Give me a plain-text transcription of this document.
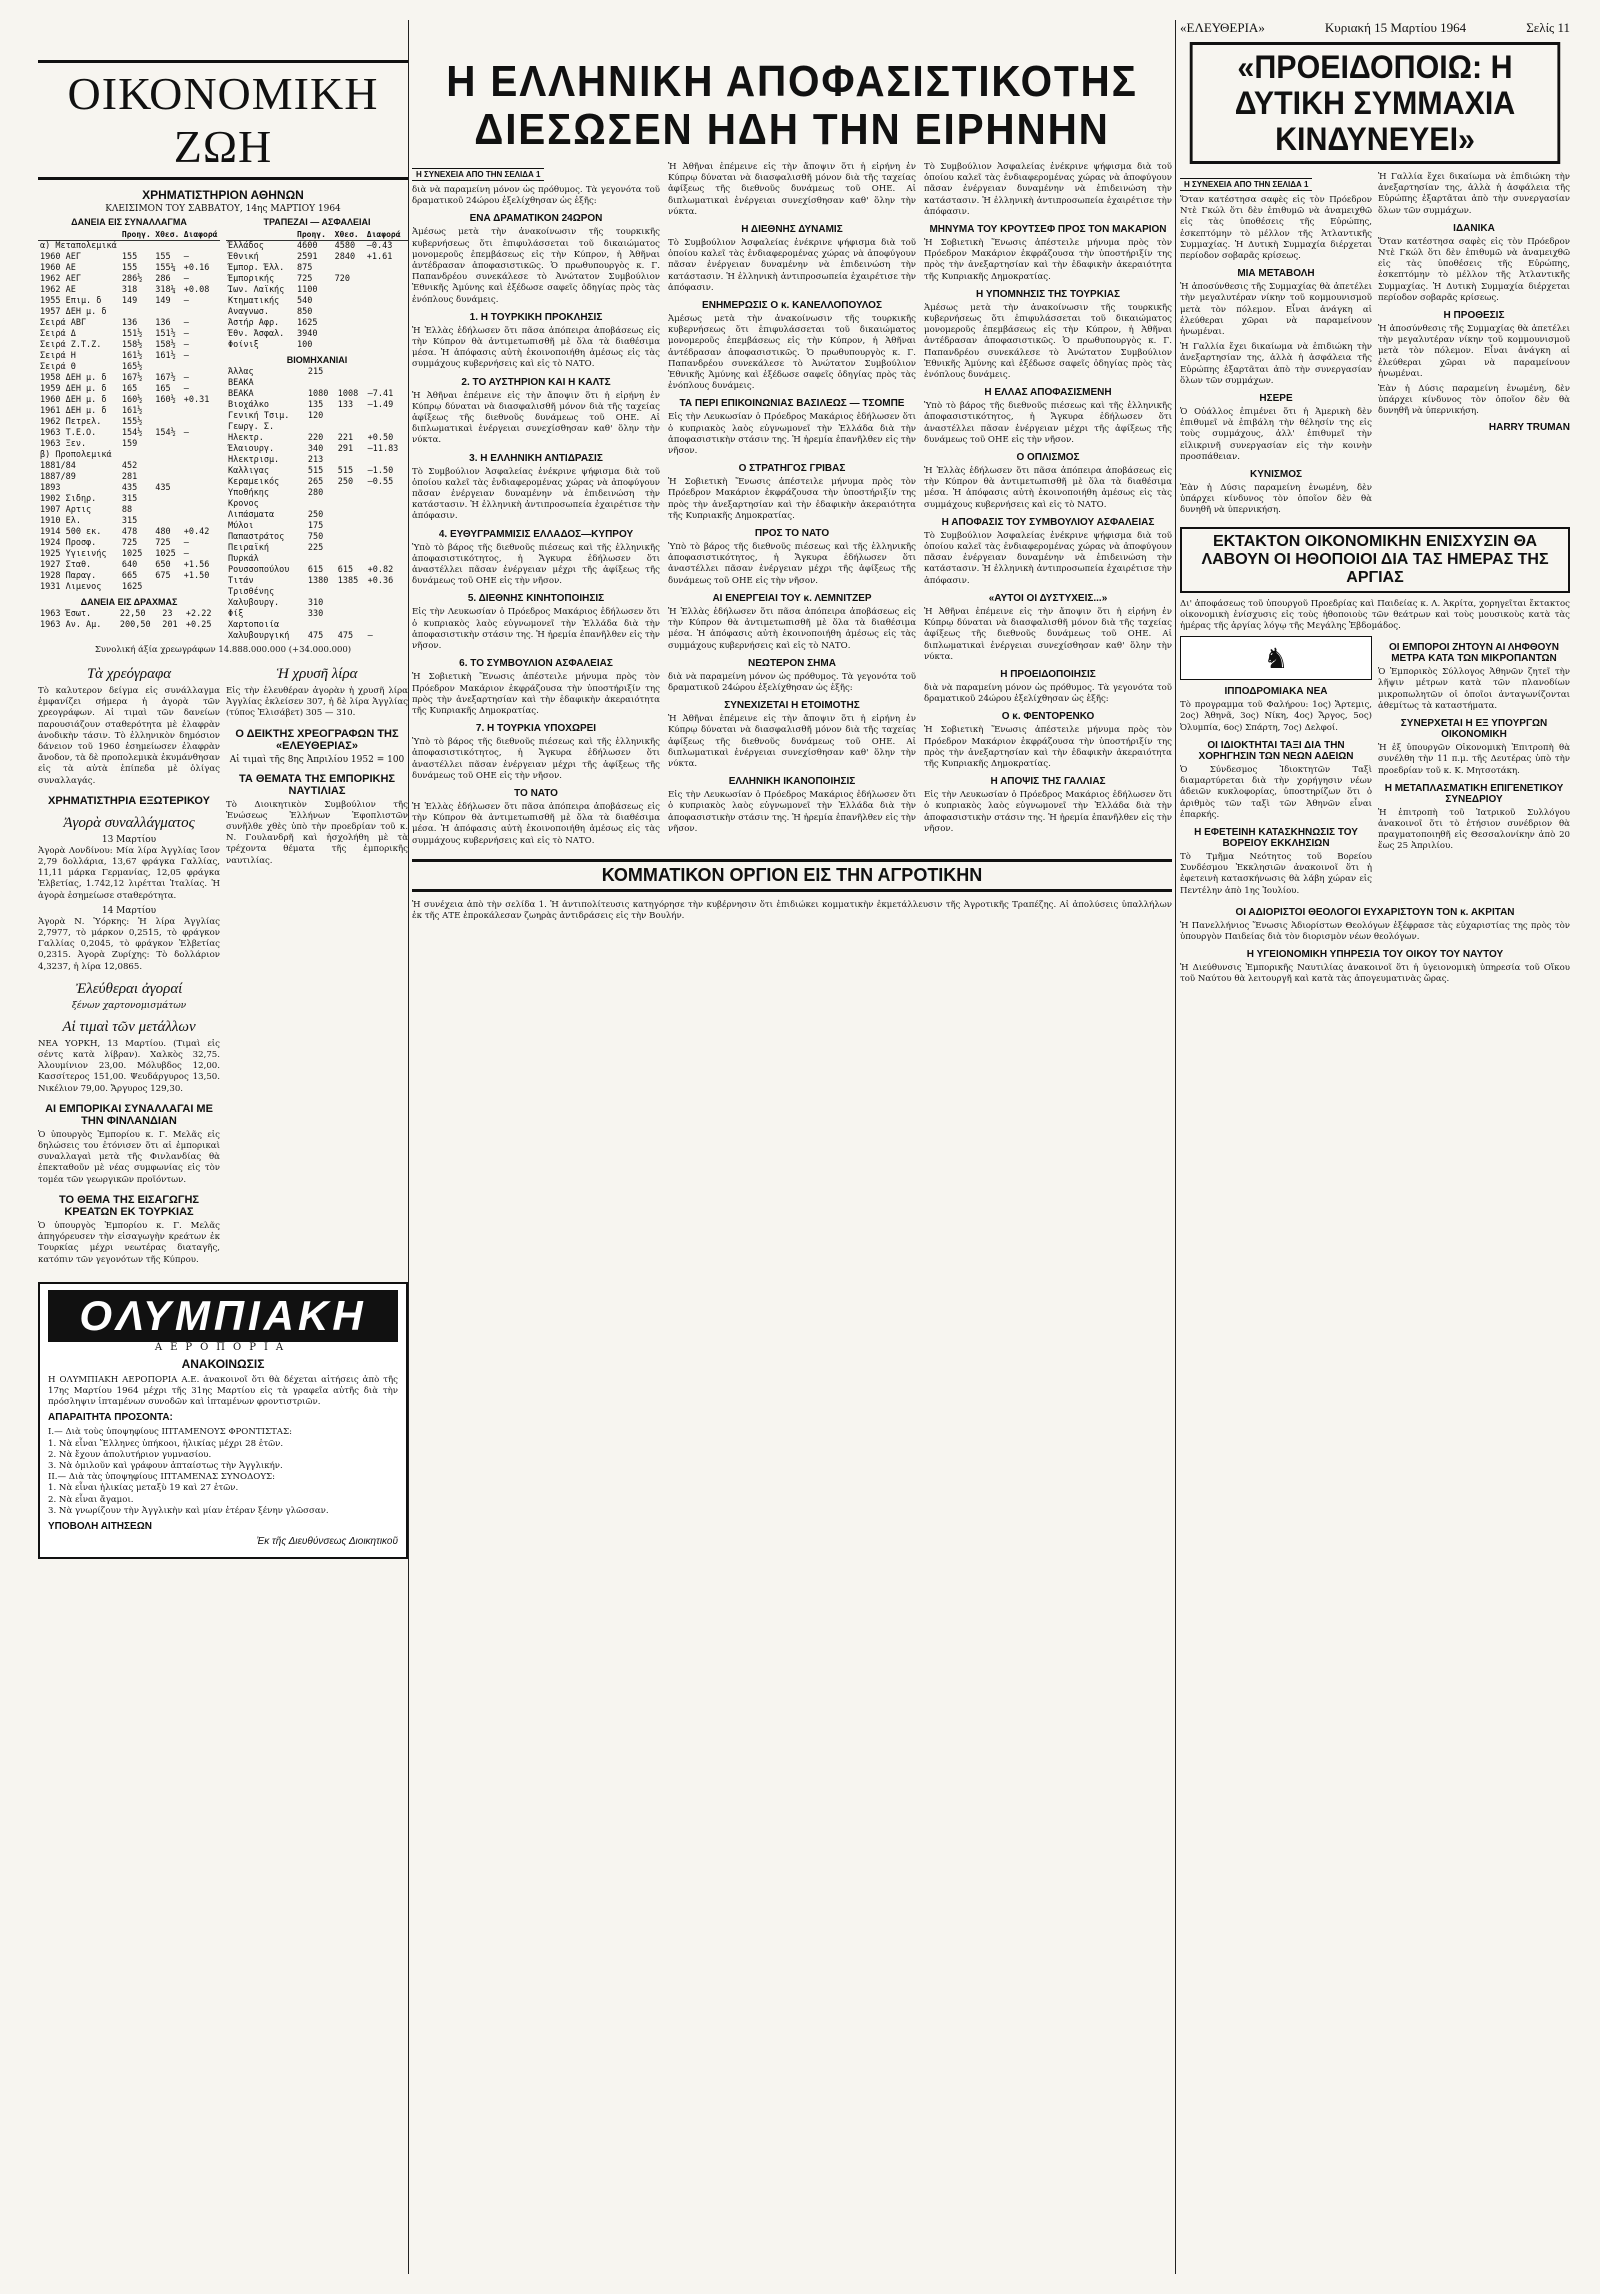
ΟΙΚΟΝΟΜΙΚΗ ΖΩΗ
ΧΡΗΜΑΤΙΣΤΗΡΙΟΝ ΑΘΗΝΩΝ
ΚΛΕΙΣΙΜΟΝ ΤΟΥ ΣΑΒΒΑΤΟΥ, 14ης ΜΑΡΤΙΟΥ 1964
ΔΑΝΕΙΑ ΕΙΣ ΣΥΝΑΛΛΑΓΜΑ
	Προηγ.	Χθεσ.	Διαφορά
α) Μεταπολεμικά			
1960 ΑΕΓ	155	155	—
1960 ΑΕ	155	155¼	+0.16
1962 ΑΕΓ	286½	286	—
1962 ΑΕ	318	318¼	+0.08
1955 Επιμ. δ	149	149	—
1957 ΔΕΗ μ. δ			
Σειρά ΑΒΓ	136	136	—
Σειρά Δ	151½	151½	—
Σειρά Ζ.Τ.Ζ.	158½	158½	—
Σειρά Η	161½	161½	—
Σειρά Θ	165½		
1958 ΔΕΗ μ. δ	167½	167½	—
1959 ΔΕΗ μ. δ	165	165	—
1960 ΔΕΗ μ. δ	160½	160½	+0.31
1961 ΔΕΗ μ. δ	161½		
1962 Πετρελ.	155½		
1963 Τ.Ε.Ο.	154½	154½	—
1963 Ξεν.	159		
β) Προπολεμικά			
1881/84	452		
1887/89	281		
1893	435	435	
1902 Σιδηρ.	315		
1907 Αρτις	88		
1910 Ελ.	315		
1914 500 εκ.	478	480	+0.42
1924 Προσφ.	725	725	—
1925 Υγιεινής	1025	1025	—
1927 Σταθ.	640	650	+1.56
1928 Παραγ.	665	675	+1.50
1931 Λιμενος	1625		
ΔΑΝΕΙΑ ΕΙΣ ΔΡΑΧΜΑΣ
1963 Έσωτ.	22,50	23	+2.22
1963 Αν. Αμ.	200,50	201	+0.25
ΤΡΑΠΕΖΑΙ — ΑΣΦΑΛΕΙΑΙ
	Προηγ.	Χθεσ.	Διαφορά
Έλλάδος	4600	4580	—0.43
Έθνική	2591	2840	+1.61
Έμπορ. Έλλ.	875		
Έμπορικής	725	720	
Ίων. Λαϊκής	1100		
Κτηματικής	540		
Αναγνωσ.	850		
Άστήρ Αφρ.	1625		
Έθν. Άσφαλ.	3940		
Φοίνιξ	100		
ΒΙΟΜΗΧΑΝΙΑΙ
Άλλας	215		
ΒΕΑΚΑ			
ΒΕΑΚΑ	1080	1008	—7.41
Βιοχάλκο	135	133	—1.49
Γενική Τσιμ.	120		
Γεωργ. Σ.			
Ηλεκτρ.	220	221	+0.50
Έλαιουργ.	340	291	—11.83
Ηλεκτρισμ.	213		
Καλλιγας	515	515	—1.50
Κεραμεικός	265	250	—0.55
Υποθήκης	280		
Κρονος			
Λιπάσματα	250		
Μύλοι	175		
Παπαστράτος	750		
Πειραϊκή	225		
Πυρκάλ			
Ρουσσοπούλου	615	615	+0.82
Τιτάν	1380	1385	+0.36
Τρισθένης			
Χαλυβουργ.	310		
Φίξ	330		
Χαρτοποιία			
Χαλυβουργική	475	475	—
Συνολική άξία χρεωγράφων 14.888.000.000 (+34.000.000)
Τὰ χρεόγραφα

Τὸ καλυτερον δείγμα εἰς συνάλλαγμα ἐμφανίζει σήμερα ἡ ἀγορὰ τῶν χρεογράφων. Αἱ τιμαὶ τῶν δανείων παρουσιάζουν σταθερότητα μὲ ἐλαφρὰν ἀνοδικὴν τάσιν. Τὸ ἐλληνικὸν δημόσιον δάνειον τοῦ 1960 ἐσημείωσεν ἐλαφρὰν ἄνοδον, τὰ δὲ προπολεμικὰ ἐκυμάνθησαν εἰς τὰ αὐτὰ ἐπίπεδα μὲ ὀλίγας συναλλαγάς.

ΧΡΗΜΑΤΙΣΤΗΡΙΑ ΕΞΩΤΕΡΙΚΟΥ
Ἀγορὰ συναλλάγματος
13 Μαρτίου

Ἀγορὰ Λονδίνου: Μία λίρα Ἀγγλίας ἴσον 2,79 δολλάρια, 13,67 φράγκα Γαλλίας, 11,11 μάρκα Γερμανίας, 12,05 φράγκα Ἑλβετίας, 1.742,12 λιρέτται Ἰταλίας. Ἡ ἀγορὰ ἐσημείωσε σταθερότητα.

14 Μαρτίου

Ἀγορὰ Ν. Ὑόρκης: Ἡ λίρα Ἀγγλίας 2,7977, τὸ μάρκον 0,2515, τὸ φράγκον Γαλλίας 0,2045, τὸ φράγκον Ἑλβετίας 0,2315. Ἀγορὰ Ζυρίχης: Τὸ δολλάριον 4,3237, ἡ λίρα 12,0865.

Ἐλεύθεραι ἀγοραί
ξένων χαρτονομισμάτων
Αἱ τιμαὶ τῶν μετάλλων

ΝΕΑ ΥΟΡΚΗ, 13 Μαρτίου. (Τιμαὶ εἰς σέντς κατὰ λίβραν). Χαλκὸς 32,75. Ἀλουμίνιον 23,00. Μόλυβδος 12,00. Κασσίτερος 151,00. Ψευδάργυρος 13,50. Νικέλιον 79,00. Ἄργυρος 129,30.

ΑΙ ΕΜΠΟΡΙΚΑΙ ΣΥΝΑΛΛΑΓΑΙ ΜΕ ΤΗΝ ΦΙΝΛΑΝΔΙΑΝ

Ὁ ὑπουργὸς Ἐμπορίου κ. Γ. Μελᾶς εἰς δηλώσεις του ἐτόνισεν ὅτι αἱ ἐμπορικαὶ συναλλαγαὶ μετὰ τῆς Φινλανδίας θὰ ἐπεκταθοῦν μὲ νέας συμφωνίας εἰς τὸν τομέα τῶν γεωργικῶν προϊόντων.

ΤΟ ΘΕΜΑ ΤΗΣ ΕΙΣΑΓΩΓΗΣ ΚΡΕΑΤΩΝ ΕΚ ΤΟΥΡΚΙΑΣ

Ὁ ὑπουργὸς Ἐμπορίου κ. Γ. Μελᾶς ἀπηγόρευσεν τὴν εἰσαγωγὴν κρεάτων ἐκ Τουρκίας μέχρι νεωτέρας διαταγῆς, κατόπιν τῶν γεγονότων τῆς Κύπρου.

Ἡ χρυσῆ λίρα

Εἰς τὴν ἐλευθέραν ἀγορὰν ἡ χρυσῆ λίρα Ἀγγλίας ἐκλείσεν 307, ἡ δὲ λίρα Ἀγγλίας (τύπος Ἐλισάβετ) 305 — 310.

Ο ΔΕΙΚΤΗΣ ΧΡΕΟΓΡΑΦΩΝ ΤΗΣ «ΕΛΕΥΘΕΡΙΑΣ»
Αἱ τιμαὶ τῆς 8ης Ἀπριλίου 1952 = 100
ΤΑ ΘΕΜΑΤΑ ΤΗΣ ΕΜΠΟΡΙΚΗΣ ΝΑΥΤΙΛΙΑΣ

Τὸ Διοικητικὸν Συμβούλιον τῆς Ἑνώσεως Ἑλλήνων Ἐφοπλιστῶν συνῆλθε χθὲς ὑπὸ τὴν προεδρίαν τοῦ κ. Ν. Γουλανδρῆ καὶ ἠσχολήθη μὲ τὰ τρέχοντα θέματα τῆς ἐμπορικῆς ναυτιλίας.

ΟΛΥΜΠΙΑΚΗ
ΑΕΡΟΠΟΡΙΑ
ΑΝΑΚΟΙΝΩΣΙΣ

Η ΟΛΥΜΠΙΑΚΗ ΑΕΡΟΠΟΡΙΑ Α.Ε. ἀνακοινοῖ ὅτι θὰ δέχεται αἰτήσεις ἀπὸ τῆς 17ης Μαρτίου 1964 μέχρι τῆς 31ης Μαρτίου εἰς τὰ γραφεῖα αὐτῆς διὰ τὴν πρόσληψιν ἱπταμένων συνοδῶν καὶ ἱπταμένων φροντιστριῶν.

ΑΠΑΡΑΙΤΗΤΑ ΠΡΟΣΟΝΤΑ:
Ι.— Διὰ τοὺς ὑποψηφίους ΙΠΤΑΜΕΝΟΥΣ ΦΡΟΝΤΙΣΤΑΣ:
1. Νὰ εἶναι Ἕλληνες ὑπήκοοι, ἡλικίας μέχρι 28 ἐτῶν.
2. Νὰ ἔχουν ἀπολυτήριον γυμνασίου.
3. Νὰ ὁμιλοῦν καὶ γράφουν ἀπταίστως τὴν Ἀγγλικήν.
ΙΙ.— Διὰ τὰς ὑποψηφίους ΙΠΤΑΜΕΝΑΣ ΣΥΝΟΔΟΥΣ:
1. Νὰ εἶναι ἡλικίας μεταξὺ 19 καὶ 27 ἐτῶν.
2. Νὰ εἶναι ἄγαμοι.
3. Νὰ γνωρίζουν τὴν Ἀγγλικὴν καὶ μίαν ἑτέραν ξένην γλῶσσαν.
ΥΠΟΒΟΛΗ ΑΙΤΗΣΕΩΝ
Ἐκ τῆς Διευθύνσεως Διοικητικοῦ
Η ΕΛΛΗΝΙΚΗ ΑΠΟΦΑΣΙΣΤΙΚΟΤΗΣ ΔΙΕΣΩΣΕΝ ΗΔΗ ΤΗΝ ΕΙΡΗΝΗΝ
Η ΣΥΝΕΧΕΙΑ ΑΠΟ ΤΗΝ ΣΕΛΙΔΑ 1

διὰ νὰ παραμείνη μόνον ὡς πρόθυμος. Τὰ γεγονότα τοῦ δραματικοῦ 24ώρου ἐξελίχθησαν ὡς ἑξῆς:

ΕΝΑ ΔΡΑΜΑΤΙΚΟΝ 24ΩΡΟΝ

Ἀμέσως μετὰ τὴν ἀνακοίνωσιν τῆς τουρκικῆς κυβερνήσεως ὅτι ἐπιφυλάσσεται τοῦ δικαιώματος μονομεροῦς ἐπεμβάσεως εἰς τὴν Κύπρον, ἡ Ἀθῆναι ἀντέδρασαν ἀποφασιστικῶς. Ὁ πρωθυπουργὸς κ. Γ. Παπανδρέου συνεκάλεσε τὸ Ἀνώτατον Συμβούλιον Ἐθνικῆς Ἀμύνης καὶ ἐξέδωσε σαφεῖς ὁδηγίας πρὸς τὰς ἐνόπλους δυνάμεις.

1. Η ΤΟΥΡΚΙΚΗ ΠΡΟΚΛΗΣΙΣ

Ἡ Ἑλλὰς ἐδήλωσεν ὅτι πᾶσα ἀπόπειρα ἀποβάσεως εἰς τὴν Κύπρον θὰ ἀντιμετωπισθῆ μὲ ὅλα τὰ διαθέσιμα μέσα. Ἡ ἀπόφασις αὐτὴ ἐκοινοποιήθη ἀμέσως εἰς τὰς συμμάχους κυβερνήσεις καὶ εἰς τὸ ΝΑΤΟ.

2. ΤΟ ΑΥΣΤΗΡΙΟΝ ΚΑΙ Η ΚΑΛΤΣ

Ἡ Ἀθῆναι ἐπέμεινε εἰς τὴν ἄποψιν ὅτι ἡ εἰρήνη ἐν Κύπρῳ δύναται νὰ διασφαλισθῆ μόνον διὰ τῆς ταχείας ἀφίξεως τῆς διεθνοῦς δυνάμεως τοῦ ΟΗΕ. Αἱ διπλωματικαὶ ἐνέργειαι συνεχίσθησαν καθ' ὅλην τὴν νύκτα.

3. Η ΕΛΛΗΝΙΚΗ ΑΝΤΙΔΡΑΣΙΣ

Τὸ Συμβούλιον Ἀσφαλείας ἐνέκρινε ψήφισμα διὰ τοῦ ὁποίου καλεῖ τὰς ἐνδιαφερομένας χώρας νὰ ἀποφύγουν πᾶσαν ἐνέργειαν δυναμένην νὰ ἐπιδεινώση τὴν κατάστασιν. Ἡ ἐλληνικὴ ἀντιπροσωπεία ἐχαιρέτισε τὴν ἀπόφασιν.

4. ΕΥΘΥΓΡΑΜΜΙΣΙΣ ΕΛΛΑΔΟΣ—ΚΥΠΡΟΥ

Ὑπὸ τὸ βάρος τῆς διεθνοῦς πιέσεως καὶ τῆς ἑλληνικῆς ἀποφασιστικότητος, ἡ Ἄγκυρα ἐδήλωσεν ὅτι ἀναστέλλει πᾶσαν ἐνέργειαν μέχρι τῆς ἀφίξεως τῆς δυνάμεως τοῦ ΟΗΕ εἰς τὴν νῆσον.

5. ΔΙΕΘΝΗΣ ΚΙΝΗΤΟΠΟΙΗΣΙΣ

Εἰς τὴν Λευκωσίαν ὁ Πρόεδρος Μακάριος ἐδήλωσεν ὅτι ὁ κυπριακὸς λαὸς εὐγνωμονεῖ τὴν Ἑλλάδα διὰ τὴν ἀποφασιστικὴν στάσιν της. Ἡ ἠρεμία ἐπανῆλθεν εἰς τὴν νῆσον.

6. ΤΟ ΣΥΜΒΟΥΛΙΟΝ ΑΣΦΑΛΕΙΑΣ

Ἡ Σοβιετικὴ Ἕνωσις ἀπέστειλε μήνυμα πρὸς τὸν Πρόεδρον Μακάριον ἐκφράζουσα τὴν ὑποστήριξίν της πρὸς τὴν ἀνεξαρτησίαν καὶ τὴν ἐδαφικὴν ἀκεραιότητα τῆς Κυπριακῆς Δημοκρατίας.

7. Η ΤΟΥΡΚΙΑ ΥΠΟΧΩΡΕΙ

Ὑπὸ τὸ βάρος τῆς διεθνοῦς πιέσεως καὶ τῆς ἑλληνικῆς ἀποφασιστικότητος, ἡ Ἄγκυρα ἐδήλωσεν ὅτι ἀναστέλλει πᾶσαν ἐνέργειαν μέχρι τῆς ἀφίξεως τῆς δυνάμεως τοῦ ΟΗΕ εἰς τὴν νῆσον.

ΤΟ ΝΑΤΟ

Ἡ Ἑλλὰς ἐδήλωσεν ὅτι πᾶσα ἀπόπειρα ἀποβάσεως εἰς τὴν Κύπρον θὰ ἀντιμετωπισθῆ μὲ ὅλα τὰ διαθέσιμα μέσα. Ἡ ἀπόφασις αὐτὴ ἐκοινοποιήθη ἀμέσως εἰς τὰς συμμάχους κυβερνήσεις καὶ εἰς τὸ ΝΑΤΟ.

Ἡ Ἀθῆναι ἐπέμεινε εἰς τὴν ἄποψιν ὅτι ἡ εἰρήνη ἐν Κύπρῳ δύναται νὰ διασφαλισθῆ μόνον διὰ τῆς ταχείας ἀφίξεως τῆς διεθνοῦς δυνάμεως τοῦ ΟΗΕ. Αἱ διπλωματικαὶ ἐνέργειαι συνεχίσθησαν καθ' ὅλην τὴν νύκτα.

Η ΔΙΕΘΝΗΣ ΔΥΝΑΜΙΣ

Τὸ Συμβούλιον Ἀσφαλείας ἐνέκρινε ψήφισμα διὰ τοῦ ὁποίου καλεῖ τὰς ἐνδιαφερομένας χώρας νὰ ἀποφύγουν πᾶσαν ἐνέργειαν δυναμένην νὰ ἐπιδεινώση τὴν κατάστασιν. Ἡ ἐλληνικὴ ἀντιπροσωπεία ἐχαιρέτισε τὴν ἀπόφασιν.

ΕΝΗΜΕΡΩΣΙΣ Ο κ. ΚΑΝΕΛΛΟΠΟΥΛΟΣ

Ἀμέσως μετὰ τὴν ἀνακοίνωσιν τῆς τουρκικῆς κυβερνήσεως ὅτι ἐπιφυλάσσεται τοῦ δικαιώματος μονομεροῦς ἐπεμβάσεως εἰς τὴν Κύπρον, ἡ Ἀθῆναι ἀντέδρασαν ἀποφασιστικῶς. Ὁ πρωθυπουργὸς κ. Γ. Παπανδρέου συνεκάλεσε τὸ Ἀνώτατον Συμβούλιον Ἐθνικῆς Ἀμύνης καὶ ἐξέδωσε σαφεῖς ὁδηγίας πρὸς τὰς ἐνόπλους δυνάμεις.

ΤΑ ΠΕΡΙ ΕΠΙΚΟΙΝΩΝΙΑΣ ΒΑΣΙΛΕΩΣ — ΤΣΟΜΠΕ

Εἰς τὴν Λευκωσίαν ὁ Πρόεδρος Μακάριος ἐδήλωσεν ὅτι ὁ κυπριακὸς λαὸς εὐγνωμονεῖ τὴν Ἑλλάδα διὰ τὴν ἀποφασιστικὴν στάσιν της. Ἡ ἠρεμία ἐπανῆλθεν εἰς τὴν νῆσον.

Ο ΣΤΡΑΤΗΓΟΣ ΓΡΙΒΑΣ

Ἡ Σοβιετικὴ Ἕνωσις ἀπέστειλε μήνυμα πρὸς τὸν Πρόεδρον Μακάριον ἐκφράζουσα τὴν ὑποστήριξίν της πρὸς τὴν ἀνεξαρτησίαν καὶ τὴν ἐδαφικὴν ἀκεραιότητα τῆς Κυπριακῆς Δημοκρατίας.

ΠΡΟΣ ΤΟ ΝΑΤΟ

Ὑπὸ τὸ βάρος τῆς διεθνοῦς πιέσεως καὶ τῆς ἑλληνικῆς ἀποφασιστικότητος, ἡ Ἄγκυρα ἐδήλωσεν ὅτι ἀναστέλλει πᾶσαν ἐνέργειαν μέχρι τῆς ἀφίξεως τῆς δυνάμεως τοῦ ΟΗΕ εἰς τὴν νῆσον.

ΑΙ ΕΝΕΡΓΕΙΑΙ ΤΟΥ κ. ΛΕΜΝΙΤΖΕΡ

Ἡ Ἑλλὰς ἐδήλωσεν ὅτι πᾶσα ἀπόπειρα ἀποβάσεως εἰς τὴν Κύπρον θὰ ἀντιμετωπισθῆ μὲ ὅλα τὰ διαθέσιμα μέσα. Ἡ ἀπόφασις αὐτὴ ἐκοινοποιήθη ἀμέσως εἰς τὰς συμμάχους κυβερνήσεις καὶ εἰς τὸ ΝΑΤΟ.

ΝΕΩΤΕΡΟΝ ΣΗΜΑ

διὰ νὰ παραμείνη μόνον ὡς πρόθυμος. Τὰ γεγονότα τοῦ δραματικοῦ 24ώρου ἐξελίχθησαν ὡς ἑξῆς:

ΣΥΝΕΧΙΖΕΤΑΙ Η ΕΤΟΙΜΟΤΗΣ

Ἡ Ἀθῆναι ἐπέμεινε εἰς τὴν ἄποψιν ὅτι ἡ εἰρήνη ἐν Κύπρῳ δύναται νὰ διασφαλισθῆ μόνον διὰ τῆς ταχείας ἀφίξεως τῆς διεθνοῦς δυνάμεως τοῦ ΟΗΕ. Αἱ διπλωματικαὶ ἐνέργειαι συνεχίσθησαν καθ' ὅλην τὴν νύκτα.

ΕΛΛΗΝΙΚΗ ΙΚΑΝΟΠΟΙΗΣΙΣ

Εἰς τὴν Λευκωσίαν ὁ Πρόεδρος Μακάριος ἐδήλωσεν ὅτι ὁ κυπριακὸς λαὸς εὐγνωμονεῖ τὴν Ἑλλάδα διὰ τὴν ἀποφασιστικὴν στάσιν της. Ἡ ἠρεμία ἐπανῆλθεν εἰς τὴν νῆσον.

Τὸ Συμβούλιον Ἀσφαλείας ἐνέκρινε ψήφισμα διὰ τοῦ ὁποίου καλεῖ τὰς ἐνδιαφερομένας χώρας νὰ ἀποφύγουν πᾶσαν ἐνέργειαν δυναμένην νὰ ἐπιδεινώση τὴν κατάστασιν. Ἡ ἐλληνικὴ ἀντιπροσωπεία ἐχαιρέτισε τὴν ἀπόφασιν.

ΜΗΝΥΜΑ ΤΟΥ ΚΡΟΥΤΣΕΦ ΠΡΟΣ ΤΟΝ ΜΑΚΑΡΙΟΝ

Ἡ Σοβιετικὴ Ἕνωσις ἀπέστειλε μήνυμα πρὸς τὸν Πρόεδρον Μακάριον ἐκφράζουσα τὴν ὑποστήριξίν της πρὸς τὴν ἀνεξαρτησίαν καὶ τὴν ἐδαφικὴν ἀκεραιότητα τῆς Κυπριακῆς Δημοκρατίας.

Η ΥΠΟΜΝΗΣΙΣ ΤΗΣ ΤΟΥΡΚΙΑΣ

Ἀμέσως μετὰ τὴν ἀνακοίνωσιν τῆς τουρκικῆς κυβερνήσεως ὅτι ἐπιφυλάσσεται τοῦ δικαιώματος μονομεροῦς ἐπεμβάσεως εἰς τὴν Κύπρον, ἡ Ἀθῆναι ἀντέδρασαν ἀποφασιστικῶς. Ὁ πρωθυπουργὸς κ. Γ. Παπανδρέου συνεκάλεσε τὸ Ἀνώτατον Συμβούλιον Ἐθνικῆς Ἀμύνης καὶ ἐξέδωσε σαφεῖς ὁδηγίας πρὸς τὰς ἐνόπλους δυνάμεις.

Η ΕΛΛΑΣ ΑΠΟΦΑΣΙΣΜΕΝΗ

Ὑπὸ τὸ βάρος τῆς διεθνοῦς πιέσεως καὶ τῆς ἑλληνικῆς ἀποφασιστικότητος, ἡ Ἄγκυρα ἐδήλωσεν ὅτι ἀναστέλλει πᾶσαν ἐνέργειαν μέχρι τῆς ἀφίξεως τῆς δυνάμεως τοῦ ΟΗΕ εἰς τὴν νῆσον.

Ο ΟΠΛΙΣΜΟΣ

Ἡ Ἑλλὰς ἐδήλωσεν ὅτι πᾶσα ἀπόπειρα ἀποβάσεως εἰς τὴν Κύπρον θὰ ἀντιμετωπισθῆ μὲ ὅλα τὰ διαθέσιμα μέσα. Ἡ ἀπόφασις αὐτὴ ἐκοινοποιήθη ἀμέσως εἰς τὰς συμμάχους κυβερνήσεις καὶ εἰς τὸ ΝΑΤΟ.

Η ΑΠΟΦΑΣΙΣ ΤΟΥ ΣΥΜΒΟΥΛΙΟΥ ΑΣΦΑΛΕΙΑΣ

Τὸ Συμβούλιον Ἀσφαλείας ἐνέκρινε ψήφισμα διὰ τοῦ ὁποίου καλεῖ τὰς ἐνδιαφερομένας χώρας νὰ ἀποφύγουν πᾶσαν ἐνέργειαν δυναμένην νὰ ἐπιδεινώση τὴν κατάστασιν. Ἡ ἐλληνικὴ ἀντιπροσωπεία ἐχαιρέτισε τὴν ἀπόφασιν.

«ΑΥΤΟΙ ΟΙ ΔΥΣΤΥΧΕΙΣ...»

Ἡ Ἀθῆναι ἐπέμεινε εἰς τὴν ἄποψιν ὅτι ἡ εἰρήνη ἐν Κύπρῳ δύναται νὰ διασφαλισθῆ μόνον διὰ τῆς ταχείας ἀφίξεως τῆς διεθνοῦς δυνάμεως τοῦ ΟΗΕ. Αἱ διπλωματικαὶ ἐνέργειαι συνεχίσθησαν καθ' ὅλην τὴν νύκτα.

Η ΠΡΟΕΙΔΟΠΟΙΗΣΙΣ

διὰ νὰ παραμείνη μόνον ὡς πρόθυμος. Τὰ γεγονότα τοῦ δραματικοῦ 24ώρου ἐξελίχθησαν ὡς ἑξῆς:

Ο κ. ΦΕΝΤΟΡΕΝΚΟ

Ἡ Σοβιετικὴ Ἕνωσις ἀπέστειλε μήνυμα πρὸς τὸν Πρόεδρον Μακάριον ἐκφράζουσα τὴν ὑποστήριξίν της πρὸς τὴν ἀνεξαρτησίαν καὶ τὴν ἐδαφικὴν ἀκεραιότητα τῆς Κυπριακῆς Δημοκρατίας.

Η ΑΠΟΨΙΣ ΤΗΣ ΓΑΛΛΙΑΣ

Εἰς τὴν Λευκωσίαν ὁ Πρόεδρος Μακάριος ἐδήλωσεν ὅτι ὁ κυπριακὸς λαὸς εὐγνωμονεῖ τὴν Ἑλλάδα διὰ τὴν ἀποφασιστικὴν στάσιν της. Ἡ ἠρεμία ἐπανῆλθεν εἰς τὴν νῆσον.

ΚΟΜΜΑΤΙΚΟΝ ΟΡΓΙΟΝ ΕΙΣ ΤΗΝ ΑΓΡΟΤΙΚΗΝ

Ἡ συνέχεια ἀπὸ τὴν σελίδα 1. Ἡ ἀντιπολίτευσις κατηγόρησε τὴν κυβέρνησιν ὅτι ἐπιδιώκει κομματικὴν ἐκμετάλλευσιν τῆς Ἀγροτικῆς Τραπέζης. Αἱ ἀπολύσεις ὑπαλλήλων ἐκ τῆς ΑΤΕ ἐπροκάλεσαν ζωηρὰς ἀντιδράσεις εἰς τὴν Βουλήν.

«ΕΛΕΥΘΕΡΙΑ»	Κυριακή 15 Μαρτίου 1964	Σελίς 11
«ΠΡΟΕΙΔΟΠΟΙΩ: Η ΔΥΤΙΚΗ ΣΥΜΜΑΧΙΑ ΚΙΝΔΥΝΕΥΕΙ»
Η ΣΥΝΕΧΕΙΑ ΑΠΟ ΤΗΝ ΣΕΛΙΔΑ 1

Ὅταν κατέστησα σαφὲς εἰς τὸν Πρόεδρον Ντὲ Γκώλ ὅτι δὲν ἐπιθυμῶ νὰ ἀναμειχθῶ εἰς τὰς ὑποθέσεις τῆς Εὐρώπης, ἐσκεπτόμην τὸ μέλλον τῆς Ἀτλαντικῆς Συμμαχίας. Ἡ Δυτικὴ Συμμαχία διέρχεται περίοδον σοβαρᾶς κρίσεως.

ΜΙΑ ΜΕΤΑΒΟΛΗ

Ἡ ἀποσύνθεσις τῆς Συμμαχίας θὰ ἀπετέλει τὴν μεγαλυτέραν νίκην τοῦ κομμουνισμοῦ μετὰ τὸν πόλεμον. Εἶναι ἀνάγκη αἱ ἐλεύθεραι χῶραι νὰ παραμείνουν ἡνωμέναι.

Ἡ Γαλλία ἔχει δικαίωμα νὰ ἐπιδιώκη τὴν ἀνεξαρτησίαν της, ἀλλὰ ἡ ἀσφάλεια τῆς Εὐρώπης ἐξαρτᾶται ἀπὸ τὴν συνεργασίαν ὅλων τῶν συμμάχων.

ΗΣΕΡΕ

Ὁ Οὐάλλος ἐπιμένει ὅτι ἡ Ἀμερικὴ δὲν ἐπιθυμεῖ νὰ ἐπιβάλη τὴν θέλησίν της εἰς τοὺς συμμάχους, ἀλλ' ἐπιθυμεῖ τὴν εἰλικρινῆ συνεργασίαν εἰς τὴν κοινὴν προσπάθειαν.

ΚΥΝΙΣΜΟΣ

Ἐὰν ἡ Δύσις παραμείνη ἑνωμένη, δὲν ὑπάρχει κίνδυνος τὸν ὁποῖον δὲν θὰ δυνηθῆ νὰ ὑπερνικήση.

Ἡ Γαλλία ἔχει δικαίωμα νὰ ἐπιδιώκη τὴν ἀνεξαρτησίαν της, ἀλλὰ ἡ ἀσφάλεια τῆς Εὐρώπης ἐξαρτᾶται ἀπὸ τὴν συνεργασίαν ὅλων τῶν συμμάχων.

ΙΔΑΝΙΚΑ

Ὅταν κατέστησα σαφὲς εἰς τὸν Πρόεδρον Ντὲ Γκώλ ὅτι δὲν ἐπιθυμῶ νὰ ἀναμειχθῶ εἰς τὰς ὑποθέσεις τῆς Εὐρώπης, ἐσκεπτόμην τὸ μέλλον τῆς Ἀτλαντικῆς Συμμαχίας. Ἡ Δυτικὴ Συμμαχία διέρχεται περίοδον σοβαρᾶς κρίσεως.

Η ΠΡΟΘΕΣΙΣ

Ἡ ἀποσύνθεσις τῆς Συμμαχίας θὰ ἀπετέλει τὴν μεγαλυτέραν νίκην τοῦ κομμουνισμοῦ μετὰ τὸν πόλεμον. Εἶναι ἀνάγκη αἱ ἐλεύθεραι χῶραι νὰ παραμείνουν ἡνωμέναι.

Ἐὰν ἡ Δύσις παραμείνη ἑνωμένη, δὲν ὑπάρχει κίνδυνος τὸν ὁποῖον δὲν θὰ δυνηθῆ νὰ ὑπερνικήση.

HARRY TRUMAN
ΕΚΤΑΚΤΟΝ ΟΙΚΟΝΟΜΙΚΗΝ ΕΝΙΣΧΥΣΙΝ ΘΑ ΛΑΒΟΥΝ ΟΙ ΗΘΟΠΟΙΟΙ ΔΙΑ ΤΑΣ ΗΜΕΡΑΣ ΤΗΣ ΑΡΓΙΑΣ

Δι' ἀποφάσεως τοῦ ὑπουργοῦ Προεδρίας καὶ Παιδείας κ. Λ. Ἀκρίτα, χορηγεῖται ἔκτακτος οἰκονομικὴ ἐνίσχυσις εἰς τοὺς ἠθοποιοὺς τῶν θεάτρων καὶ τοὺς μουσικοὺς κατὰ τὰς ἡμέρας τῆς ἀργίας λόγῳ τῆς Μεγάλης Ἑβδομάδος.

♞
ΙΠΠΟΔΡΟΜΙΑΚΑ ΝΕΑ

Τὸ προγραμμα τοῦ Φαλήρου: 1ος) Ἄρτεμις, 2ος) Ἀθηνᾶ, 3ος) Νίκη, 4ος) Ἄργος, 5ος) Ὀλυμπία, 6ος) Σπάρτη, 7ος) Δελφοί.

ΟΙ ΙΔΙΟΚΤΗΤΑΙ ΤΑΞΙ ΔΙΑ ΤΗΝ ΧΟΡΗΓΗΣΙΝ ΤΩΝ ΝΕΩΝ ΑΔΕΙΩΝ

Ὁ Σύνδεσμος Ἰδιοκτητῶν Ταξὶ διαμαρτύρεται διὰ τὴν χορήγησιν νέων ἀδειῶν κυκλοφορίας, ὑποστηρίζων ὅτι ὁ ἀριθμὸς τῶν ταξὶ τῶν Ἀθηνῶν εἶναι ἐπαρκής.

Η ΕΦΕΤΕΙΝΗ ΚΑΤΑΣΚΗΝΩΣΙΣ ΤΟΥ ΒΟΡΕΙΟΥ ΕΚΚΛΗΣΙΩΝ

Τὸ Τμῆμα Νεότητος τοῦ Βορείου Συνδέσμου Ἐκκλησιῶν ἀνακοινοῖ ὅτι ἡ ἐφετεινὴ κατασκήνωσις θὰ λάβη χώραν εἰς Πεντέλην ἀπὸ 1ης Ἰουλίου.

ΟΙ ΕΜΠΟΡΟΙ ΖΗΤΟΥΝ ΑΙ ΛΗΦΘΟΥΝ ΜΕΤΡΑ ΚΑΤΑ ΤΩΝ ΜΙΚΡΟΠΑΝΤΩΝ

Ὁ Ἐμπορικὸς Σύλλογος Ἀθηνῶν ζητεῖ τὴν λῆψιν μέτρων κατὰ τῶν πλανοδίων μικροπωλητῶν οἱ ὁποῖοι ἀνταγωνίζονται ἀθεμίτως τὰ καταστήματα.

ΣΥΝΕΡΧΕΤΑΙ Η ΕΞ ΥΠΟΥΡΓΩΝ ΟΙΚΟΝΟΜΙΚΗ

Ἡ ἐξ ὑπουργῶν Οἰκονομικὴ Ἐπιτροπὴ θὰ συνέλθη τὴν 11 π.μ. τῆς Δευτέρας ὑπὸ τὴν προεδρίαν τοῦ κ. Κ. Μητσοτάκη.

Η ΜΕΤΑΠΛΑΣΜΑΤΙΚΗ ΕΠΙΓΕΝΕΤΙΚΟΥ ΣΥΝΕΔΡΙΟΥ

Ἡ ἐπιτροπὴ τοῦ Ἰατρικοῦ Συλλόγου ἀνακοινοῖ ὅτι τὸ ἐτήσιον συνέδριον θὰ πραγματοποιηθῆ εἰς Θεσσαλονίκην ἀπὸ 20 ἕως 25 Ἀπριλίου.

ΟΙ ΑΔΙΟΡΙΣΤΟΙ ΘΕΟΛΟΓΟΙ ΕΥΧΑΡΙΣΤΟΥΝ ΤΟΝ κ. ΑΚΡΙΤΑΝ

Ἡ Πανελλήνιος Ἕνωσις Ἀδιορίστων Θεολόγων ἐξέφρασε τὰς εὐχαριστίας της πρὸς τὸν ὑπουργὸν Παιδείας διὰ τὸν διορισμὸν νέων θεολόγων.

Η ΥΓΕΙΟΝΟΜΙΚΗ ΥΠΗΡΕΣΙΑ ΤΟΥ ΟΙΚΟΥ ΤΟΥ ΝΑΥΤΟΥ

Ἡ Διεύθυνσις Ἐμπορικῆς Ναυτιλίας ἀνακοινοῖ ὅτι ἡ ὑγειονομικὴ ὑπηρεσία τοῦ Οἴκου τοῦ Ναύτου θὰ λειτουργῆ καὶ κατὰ τὰς ἀπογευματινὰς ὥρας.
